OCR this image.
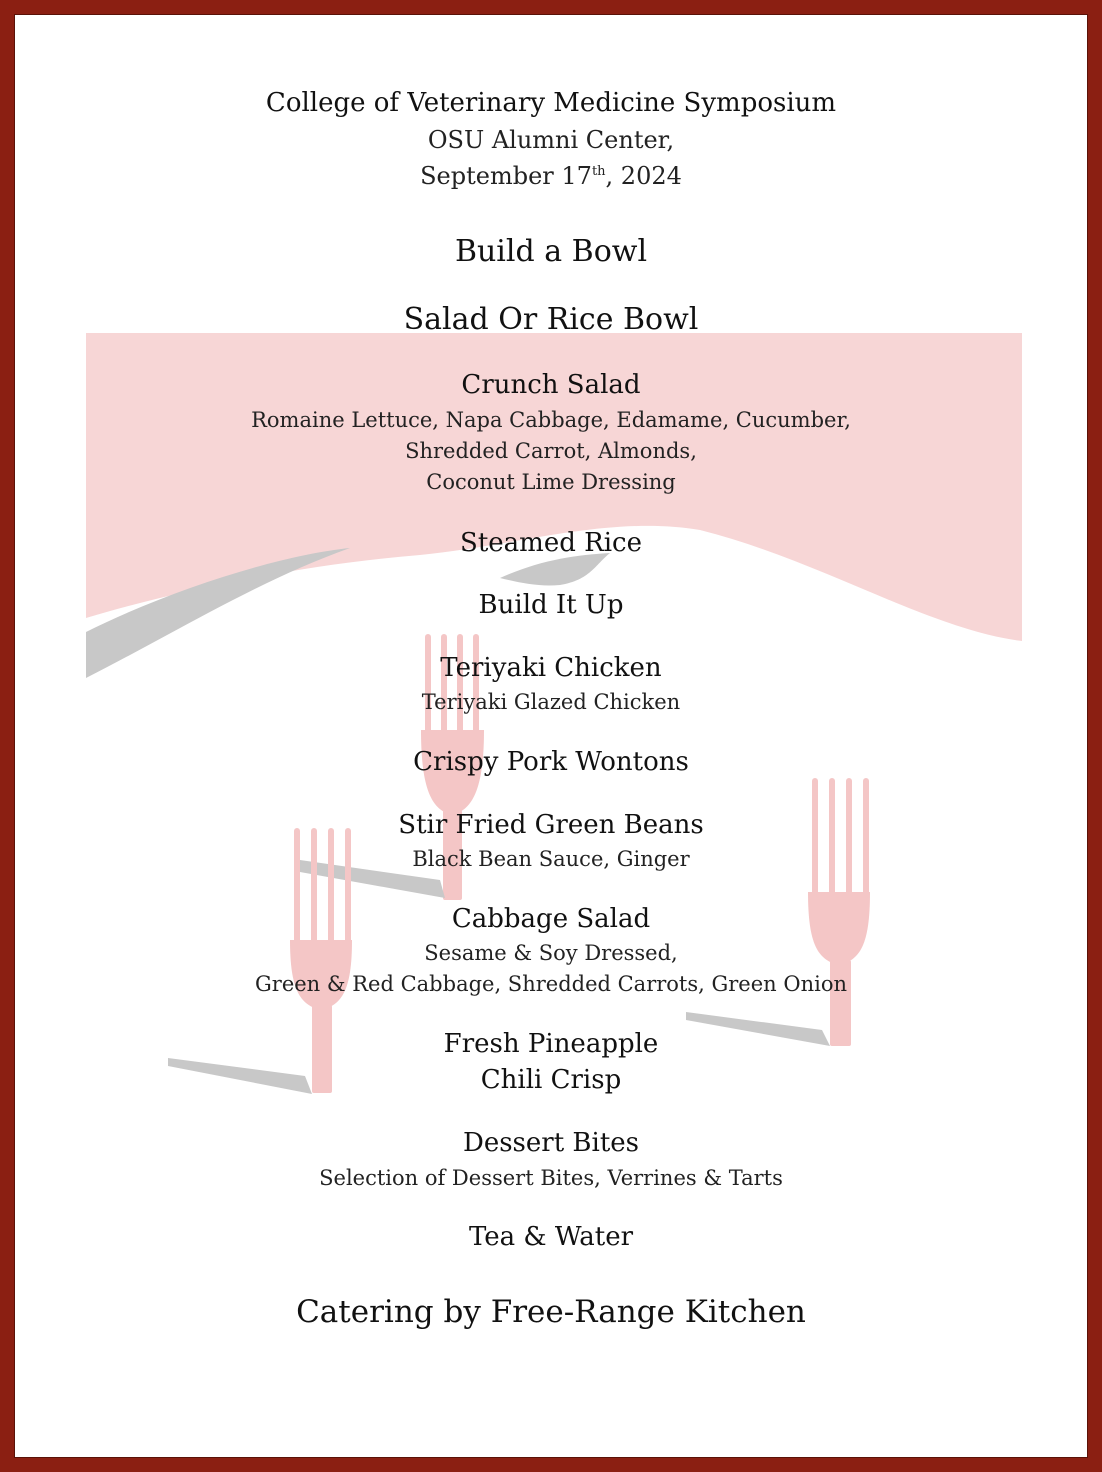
College of Veterinary Medicine Symposium
OSU Alumni Center,
September 17th, 2024
Build a Bowl
Salad Or Rice Bowl
Crunch Salad
Romaine Lettuce, Napa Cabbage, Edamame, Cucumber,
Shredded Carrot, Almonds,
Coconut Lime Dressing
Steamed Rice
Build It Up
Teriyaki Chicken
Teriyaki Glazed Chicken
Crispy Pork Wontons
Stir Fried Green Beans
Black Bean Sauce, Ginger
Cabbage Salad
Sesame & Soy Dressed,
Green & Red Cabbage, Shredded Carrots, Green Onion
Fresh Pineapple
Chili Crisp
Dessert Bites
Selection of Dessert Bites, Verrines & Tarts
Tea & Water
Catering by Free-Range Kitchen
